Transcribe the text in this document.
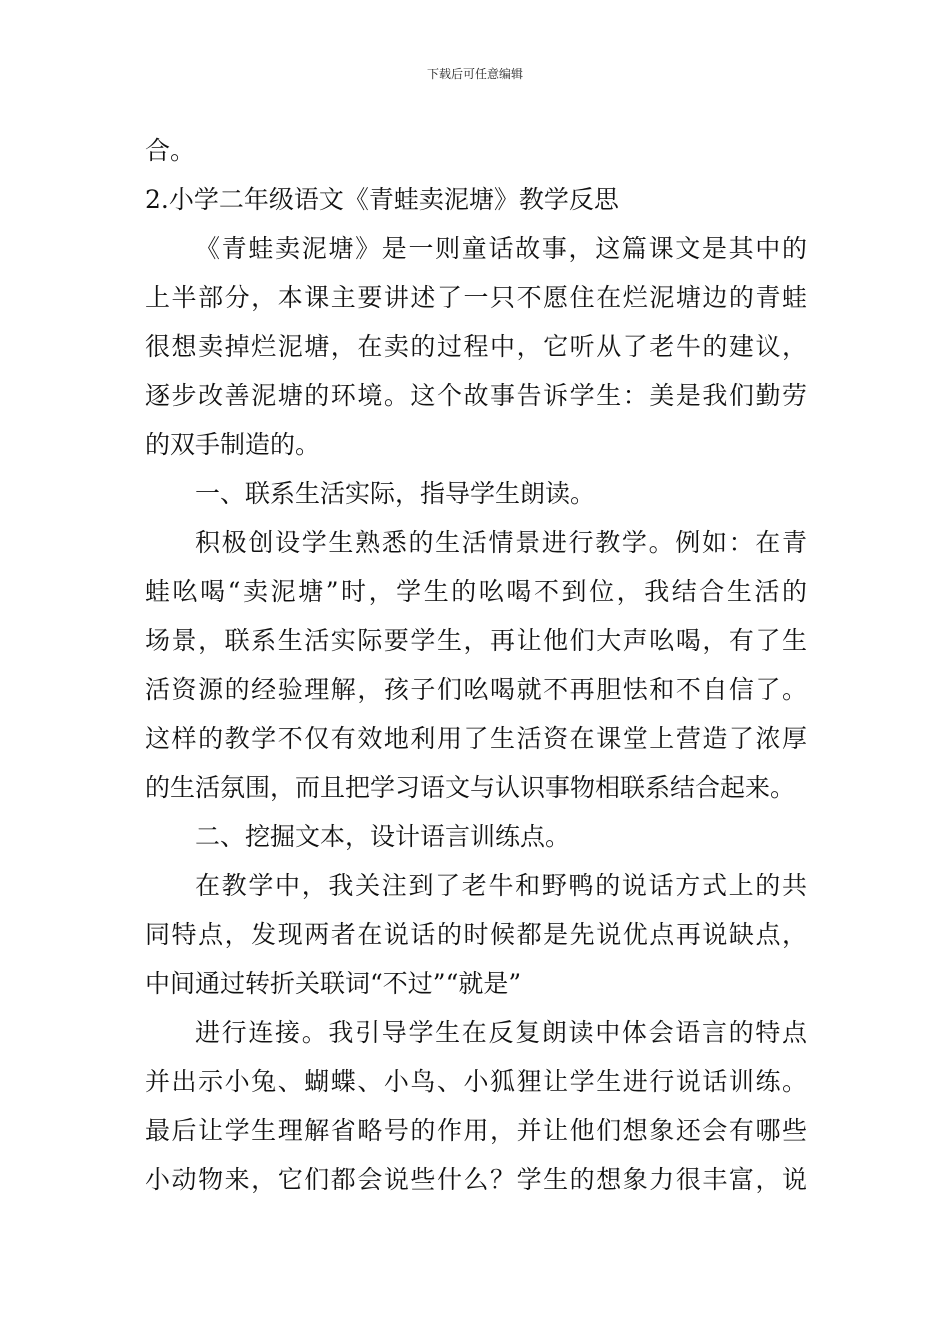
下载后可任意编辑
合。
2.小学二年级语文《青蛙卖泥塘》教学反思
《青蛙卖泥塘》是一则童话故事，这篇课文是其中的
上半部分，本课主要讲述了一只不愿住在烂泥塘边的青蛙
很想卖掉烂泥塘，在卖的过程中，它听从了老牛的建议，
逐步改善泥塘的环境。这个故事告诉学生：美是我们勤劳
的双手制造的。
一、联系生活实际，指导学生朗读。
积极创设学生熟悉的生活情景进行教学。例如：在青
蛙吆喝“卖泥塘”时，学生的吆喝不到位，我结合生活的
场景，联系生活实际要学生，再让他们大声吆喝，有了生
活资源的经验理解，孩子们吆喝就不再胆怯和不自信了。
这样的教学不仅有效地利用了生活资在课堂上营造了浓厚
的生活氛围，而且把学习语文与认识事物相联系结合起来。
二、挖掘文本，设计语言训练点。
在教学中，我关注到了老牛和野鸭的说话方式上的共
同特点，发现两者在说话的时候都是先说优点再说缺点，
中间通过转折关联词“不过”“就是”
进行连接。我引导学生在反复朗读中体会语言的特点
并出示小兔、蝴蝶、小鸟、小狐狸让学生进行说话训练。
最后让学生理解省略号的作用，并让他们想象还会有哪些
小动物来，它们都会说些什么？学生的想象力很丰富，说
